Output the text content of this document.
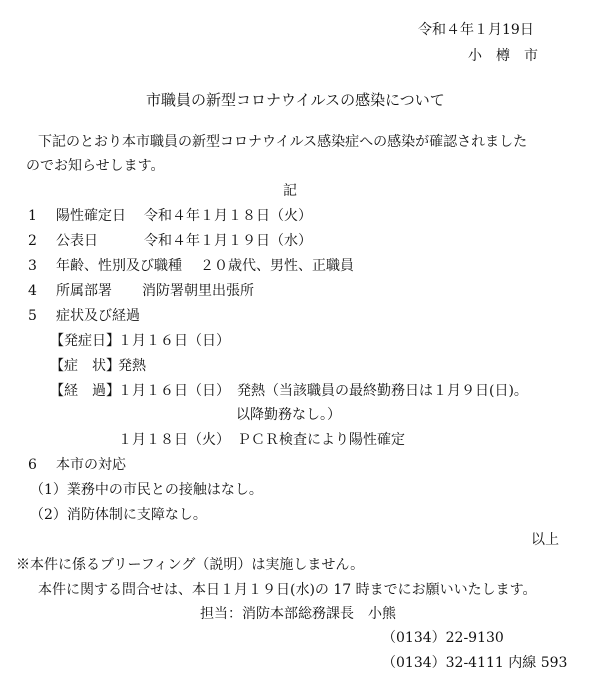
令和４年１月19日
小　樽　市
市職員の新型コロナウイルスの感染について
下記のとおり本市職員の新型コロナウイルス感染症への感染が確認されました
のでお知らせします。
記
1 陽性確定日 令和４年１月１８日（火）
2 公表日	令和４年１月１９日（水）
3 年齢、性別及び職種 ２０歳代、男性、正職員
4 所属部署 消防署朝里出張所
5 症状及び経過
【発症日】
１月１６日（日）
【症　状】
発熱
【経　過】
１月１６日（日）　発熱（当該職員の最終勤務日は１月９日(日)。
以降勤務なし。）
１月１８日（火）　ＰＣＲ検査により陽性確定
6 本市の対応
（1）業務中の市民との接触はなし。
（2）消防体制に支障なし。
以上
※本件に係るブリーフィング（説明）は実施しません。
本件に関する問合せは、本日１月１９日(水)の 17 時までにお願いいたします。
担当：消防本部総務課長　小熊
（0134）22-9130
（0134）32-4111 内線 593
